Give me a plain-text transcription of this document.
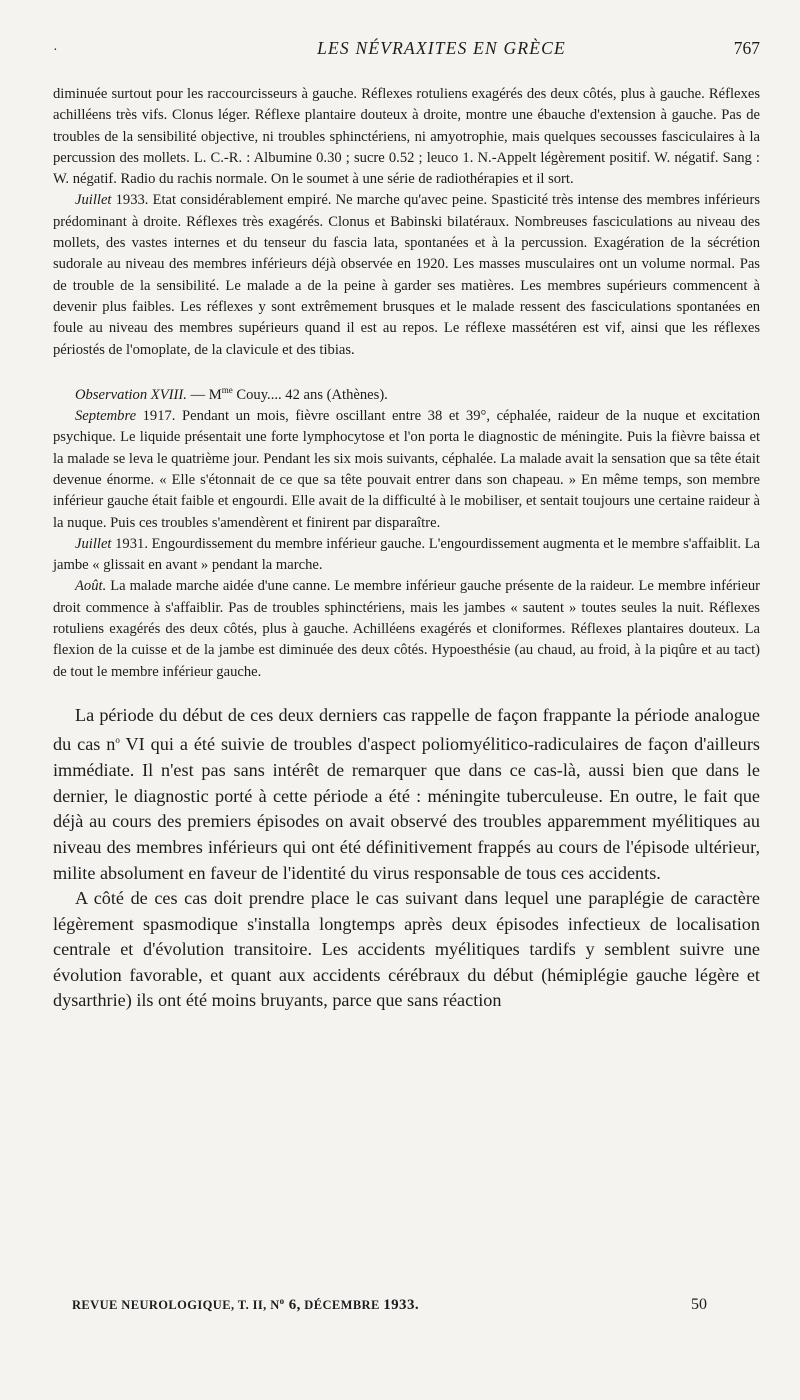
·	LES NÉVRAXITES EN GRÈCE	767

diminuée surtout pour les raccourcisseurs à gauche. Réflexes rotuliens exagérés des deux côtés, plus à gauche. Réflexes achilléens très vifs. Clonus léger. Réflexe plantaire douteux à droite, montre une ébauche d'extension à gauche. Pas de troubles de la sensibilité objective, ni troubles sphinctériens, ni amyotrophie, mais quelques secousses fasciculaires à la percussion des mollets. L. C.-R. : Albumine 0.30 ; sucre 0.52 ; leuco 1. N.-Appelt légèrement positif. W. négatif. Sang : W. négatif. Radio du rachis normale. On le soumet à une série de radiothérapies et il sort.

Juillet 1933. Etat considérablement empiré. Ne marche qu'avec peine. Spasticité très intense des membres inférieurs prédominant à droite. Réflexes très exagérés. Clonus et Babinski bilatéraux. Nombreuses fasciculations au niveau des mollets, des vastes internes et du tenseur du fascia lata, spontanées et à la percussion. Exagération de la sécrétion sudorale au niveau des membres inférieurs déjà observée en 1920. Les masses musculaires ont un volume normal. Pas de trouble de la sensibilité. Le malade a de la peine à garder ses matières. Les membres supérieurs commencent à devenir plus faibles. Les réflexes y sont extrêmement brusques et le malade ressent des fasciculations spontanées en foule au niveau des membres supérieurs quand il est au repos. Le réflexe massétéren est vif, ainsi que les réflexes périostés de l'omoplate, de la clavicule et des tibias.

Observation XVIII. — $M^{me}$ Couy.... 42 ans (Athènes).

Septembre 1917. Pendant un mois, fièvre oscillant entre 38 et 39°, céphalée, raideur de la nuque et excitation psychique. Le liquide présentait une forte lymphocytose et l'on porta le diagnostic de méningite. Puis la fièvre baissa et la malade se leva le quatrième jour. Pendant les six mois suivants, céphalée. La malade avait la sensation que sa tête était devenue énorme. « Elle s'étonnait de ce que sa tête pouvait entrer dans son chapeau. » En même temps, son membre inférieur gauche était faible et engourdi. Elle avait de la difficulté à le mobiliser, et sentait toujours une certaine raideur à la nuque. Puis ces troubles s'amendèrent et finirent par disparaître.

Juillet 1931. Engourdissement du membre inférieur gauche. L'engourdissement augmenta et le membre s'affaiblit. La jambe « glissait en avant » pendant la marche.

Août. La malade marche aidée d'une canne. Le membre inférieur gauche présente de la raideur. Le membre inférieur droit commence à s'affaiblir. Pas de troubles sphinctériens, mais les jambes « sautent » toutes seules la nuit. Réflexes rotuliens exagérés des deux côtés, plus à gauche. Achilléens exagérés et cloniformes. Réflexes plantaires douteux. La flexion de la cuisse et de la jambe est diminuée des deux côtés. Hypoesthésie (au chaud, au froid, à la piqûre et au tact) de tout le membre inférieur gauche.

La période du début de ces deux derniers cas rappelle de façon frappante la période analogue du cas $n^o$ VI qui a été suivie de troubles d'aspect poliomyélitico-radiculaires de façon d'ailleurs immédiate. Il n'est pas sans intérêt de remarquer que dans ce cas-là, aussi bien que dans le dernier, le diagnostic porté à cette période a été : méningite tuberculeuse. En outre, le fait que déjà au cours des premiers épisodes on avait observé des troubles apparemment myélitiques au niveau des membres inférieurs qui ont été définitivement frappés au cours de l'épisode ultérieur, milite absolument en faveur de l'identité du virus responsable de tous ces accidents.

A côté de ces cas doit prendre place le cas suivant dans lequel une paraplégie de caractère légèrement spasmodique s'installa longtemps après deux épisodes infectieux de localisation centrale et d'évolution transitoire. Les accidents myélitiques tardifs y semblent suivre une évolution favorable, et quant aux accidents cérébraux du début (hémiplégie gauche légère et dysarthrie) ils ont été moins bruyants, parce que sans réaction

REVUE NEUROLOGIQUE, T. II, $N^o$ 6, DÉCEMBRE 1933.	50
